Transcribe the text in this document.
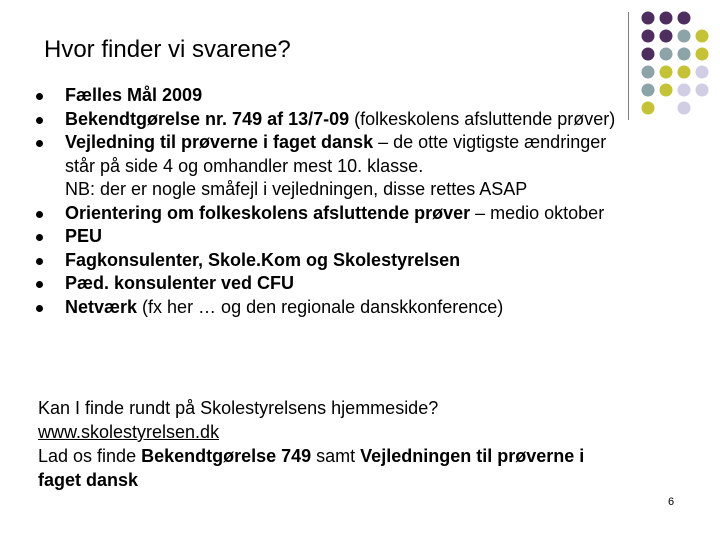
Hvor finder vi svarene?
Fælles Mål 2009
Bekendtgørelse nr. 749 af 13/7-09 (folkeskolens afsluttende prøver)
Vejledning til prøverne i faget dansk – de otte vigtigste ændringer
står på side 4 og omhandler mest 10. klasse.
NB: der er nogle småfejl i vejledningen, disse rettes ASAP
Orientering om folkeskolens afsluttende prøver – medio oktober
PEU
Fagkonsulenter, Skole.Kom og Skolestyrelsen
Pæd. konsulenter ved CFU
Netværk (fx her … og den regionale danskkonference)
Kan I finde rundt på Skolestyrelsens hjemmeside?
www.skolestyrelsen.dk
Lad os finde Bekendtgørelse 749 samt Vejledningen til prøverne i
faget dansk
6
